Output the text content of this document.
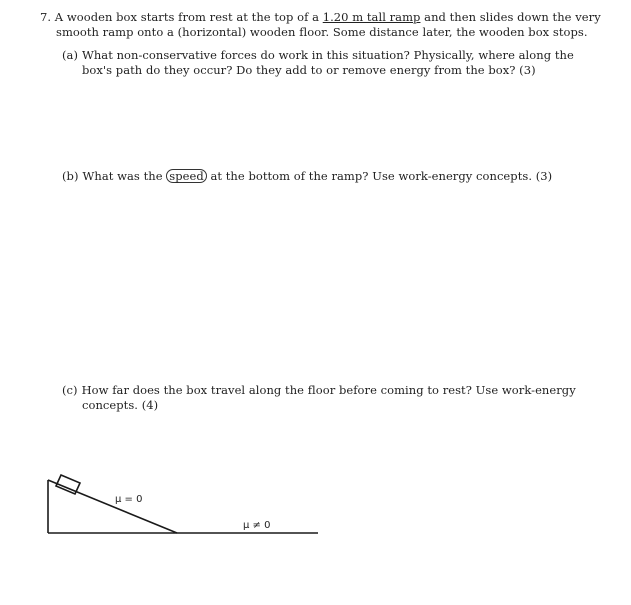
7. A wooden box starts from rest at the top of a 1.20 m tall ramp and then slides down the very
smooth ramp onto a (horizontal) wooden floor. Some distance later, the wooden box stops.
(a) What non-conservative forces do work in this situation? Physically, where along the
box's path do they occur? Do they add to or remove energy from the box? (3)
(b) What was the speed at the bottom of the ramp? Use work-energy concepts. (3)
(c) How far does the box travel along the floor before coming to rest? Use work-energy
concepts. (4)
μ = 0
μ ≠ 0
